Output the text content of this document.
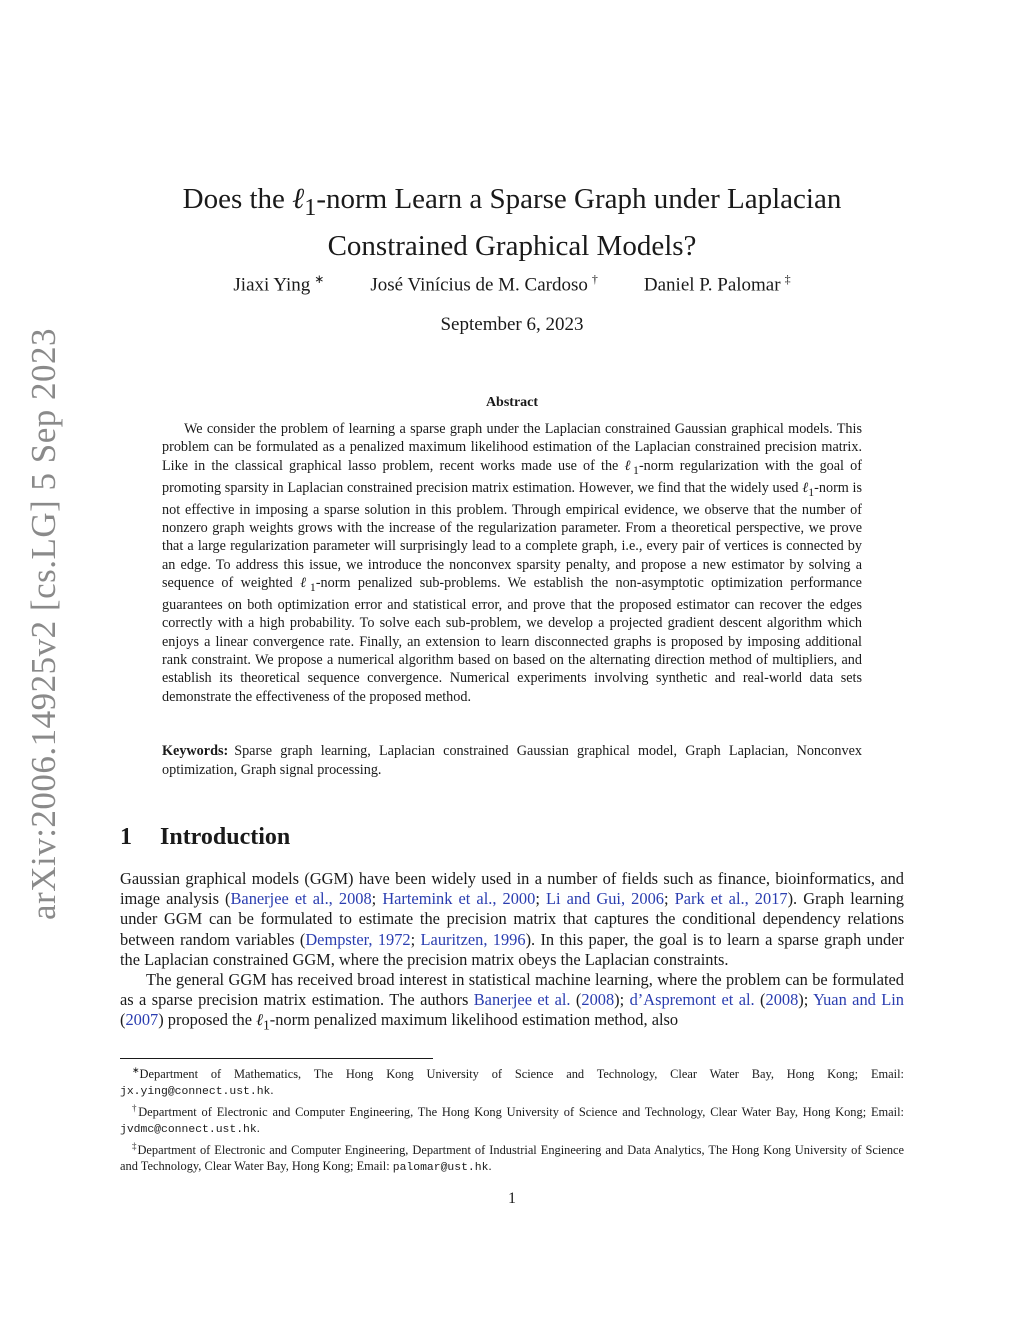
arXiv:2006.14925v2 [cs.LG] 5 Sep 2023
Does the ℓ$_1$-norm Learn a Sparse Graph under Laplacian Constrained Graphical Models?
Jiaxi Ying ∗ José Vinícius de M. Cardoso † Daniel P. Palomar ‡
September 6, 2023
Abstract
We consider the problem of learning a sparse graph under the Laplacian constrained Gaussian graphical models. This problem can be formulated as a penalized maximum likelihood estimation of the Laplacian constrained precision matrix. Like in the classical graphical lasso problem, recent works made use of the ℓ$_1$-norm regularization with the goal of promoting sparsity in Laplacian constrained precision matrix estimation. However, we find that the widely used ℓ$_1$-norm is not effective in imposing a sparse solution in this problem. Through empirical evidence, we observe that the number of nonzero graph weights grows with the increase of the regularization parameter. From a theoretical perspective, we prove that a large regularization parameter will surprisingly lead to a complete graph, i.e., every pair of vertices is connected by an edge. To address this issue, we introduce the nonconvex sparsity penalty, and propose a new estimator by solving a sequence of weighted ℓ$_1$-norm penalized sub-problems. We establish the non-asymptotic optimization performance guarantees on both optimization error and statistical error, and prove that the proposed estimator can recover the edges correctly with a high probability. To solve each sub-problem, we develop a projected gradient descent algorithm which enjoys a linear convergence rate. Finally, an extension to learn disconnected graphs is proposed by imposing additional rank constraint. We propose a numerical algorithm based on based on the alternating direction method of multipliers, and establish its theoretical sequence convergence. Numerical experiments involving synthetic and real-world data sets demonstrate the effectiveness of the proposed method.
Keywords: Sparse graph learning, Laplacian constrained Gaussian graphical model, Graph Laplacian, Nonconvex optimization, Graph signal processing.
1 Introduction

Gaussian graphical models (GGM) have been widely used in a number of fields such as finance, bioinformatics, and image analysis (Banerjee et al., 2008; Hartemink et al., 2000; Li and Gui, 2006; Park et al., 2017). Graph learning under GGM can be formulated to estimate the precision matrix that captures the conditional dependency relations between random variables (Dempster, 1972; Lauritzen, 1996). In this paper, the goal is to learn a sparse graph under the Laplacian constrained GGM, where the precision matrix obeys the Laplacian constraints.

The general GGM has received broad interest in statistical machine learning, where the problem can be formulated as a sparse precision matrix estimation. The authors Banerjee et al. (2008); d’Aspremont et al. (2008); Yuan and Lin (2007) proposed the ℓ$_1$-norm penalized maximum likelihood estimation method, also

∗Department of Mathematics, The Hong Kong University of Science and Technology, Clear Water Bay, Hong Kong; Email: jx.ying@connect.ust.hk.

†Department of Electronic and Computer Engineering, The Hong Kong University of Science and Technology, Clear Water Bay, Hong Kong; Email: jvdmc@connect.ust.hk.

‡Department of Electronic and Computer Engineering, Department of Industrial Engineering and Data Analytics, The Hong Kong University of Science and Technology, Clear Water Bay, Hong Kong; Email: palomar@ust.hk.

1
